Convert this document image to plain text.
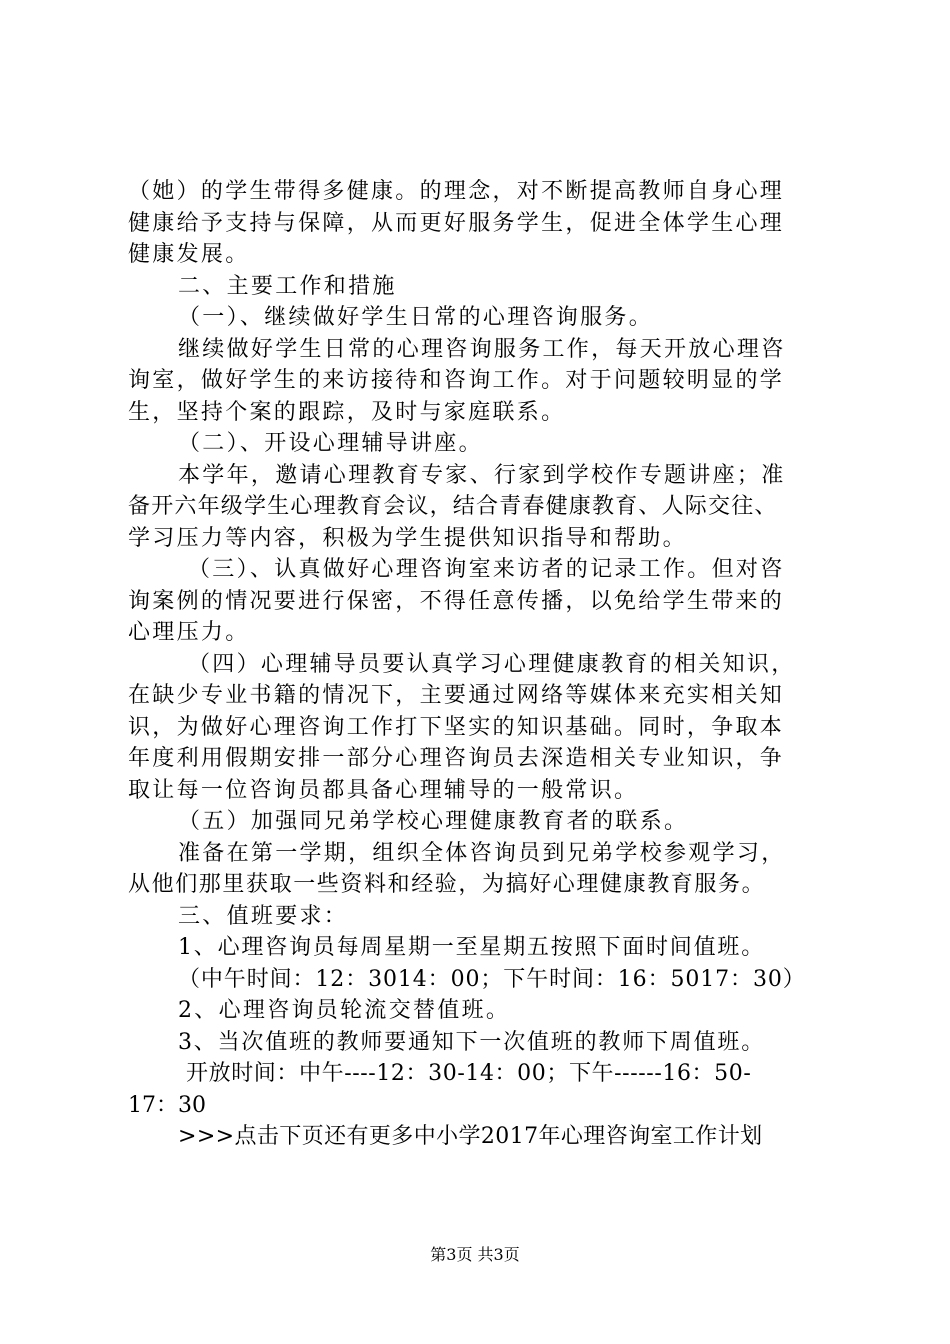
（她）的学生带得多健康。的理念，对不断提高教师自身心理
健康给予支持与保障，从而更好服务学生，促进全体学生心理
健康发展。
二、主要工作和措施
（一）、继续做好学生日常的心理咨询服务。
继续做好学生日常的心理咨询服务工作，每天开放心理咨
询室，做好学生的来访接待和咨询工作。对于问题较明显的学
生，坚持个案的跟踪，及时与家庭联系。
（二）、开设心理辅导讲座。
本学年，邀请心理教育专家、行家到学校作专题讲座；准
备开六年级学生心理教育会议，结合青春健康教育、人际交往、
学习压力等内容，积极为学生提供知识指导和帮助。
（三）、认真做好心理咨询室来访者的记录工作。但对咨
询案例的情况要进行保密，不得任意传播，以免给学生带来的
心理压力。
（四）心理辅导员要认真学习心理健康教育的相关知识，
在缺少专业书籍的情况下，主要通过网络等媒体来充实相关知
识，为做好心理咨询工作打下坚实的知识基础。同时，争取本
年度利用假期安排一部分心理咨询员去深造相关专业知识，争
取让每一位咨询员都具备心理辅导的一般常识。
（五）加强同兄弟学校心理健康教育者的联系。
准备在第一学期，组织全体咨询员到兄弟学校参观学习，
从他们那里获取一些资料和经验，为搞好心理健康教育服务。
三、值班要求：
1、心理咨询员每周星期一至星期五按照下面时间值班。
（中午时间：12：3014：00；下午时间：16：5017：30）
2、心理咨询员轮流交替值班。
3、当次值班的教师要通知下一次值班的教师下周值班。
开放时间：中午----12：30-14：00；下午------16：50-
17：30
>>>点击下页还有更多中小学2017年心理咨询室工作计划
第3页 共3页
